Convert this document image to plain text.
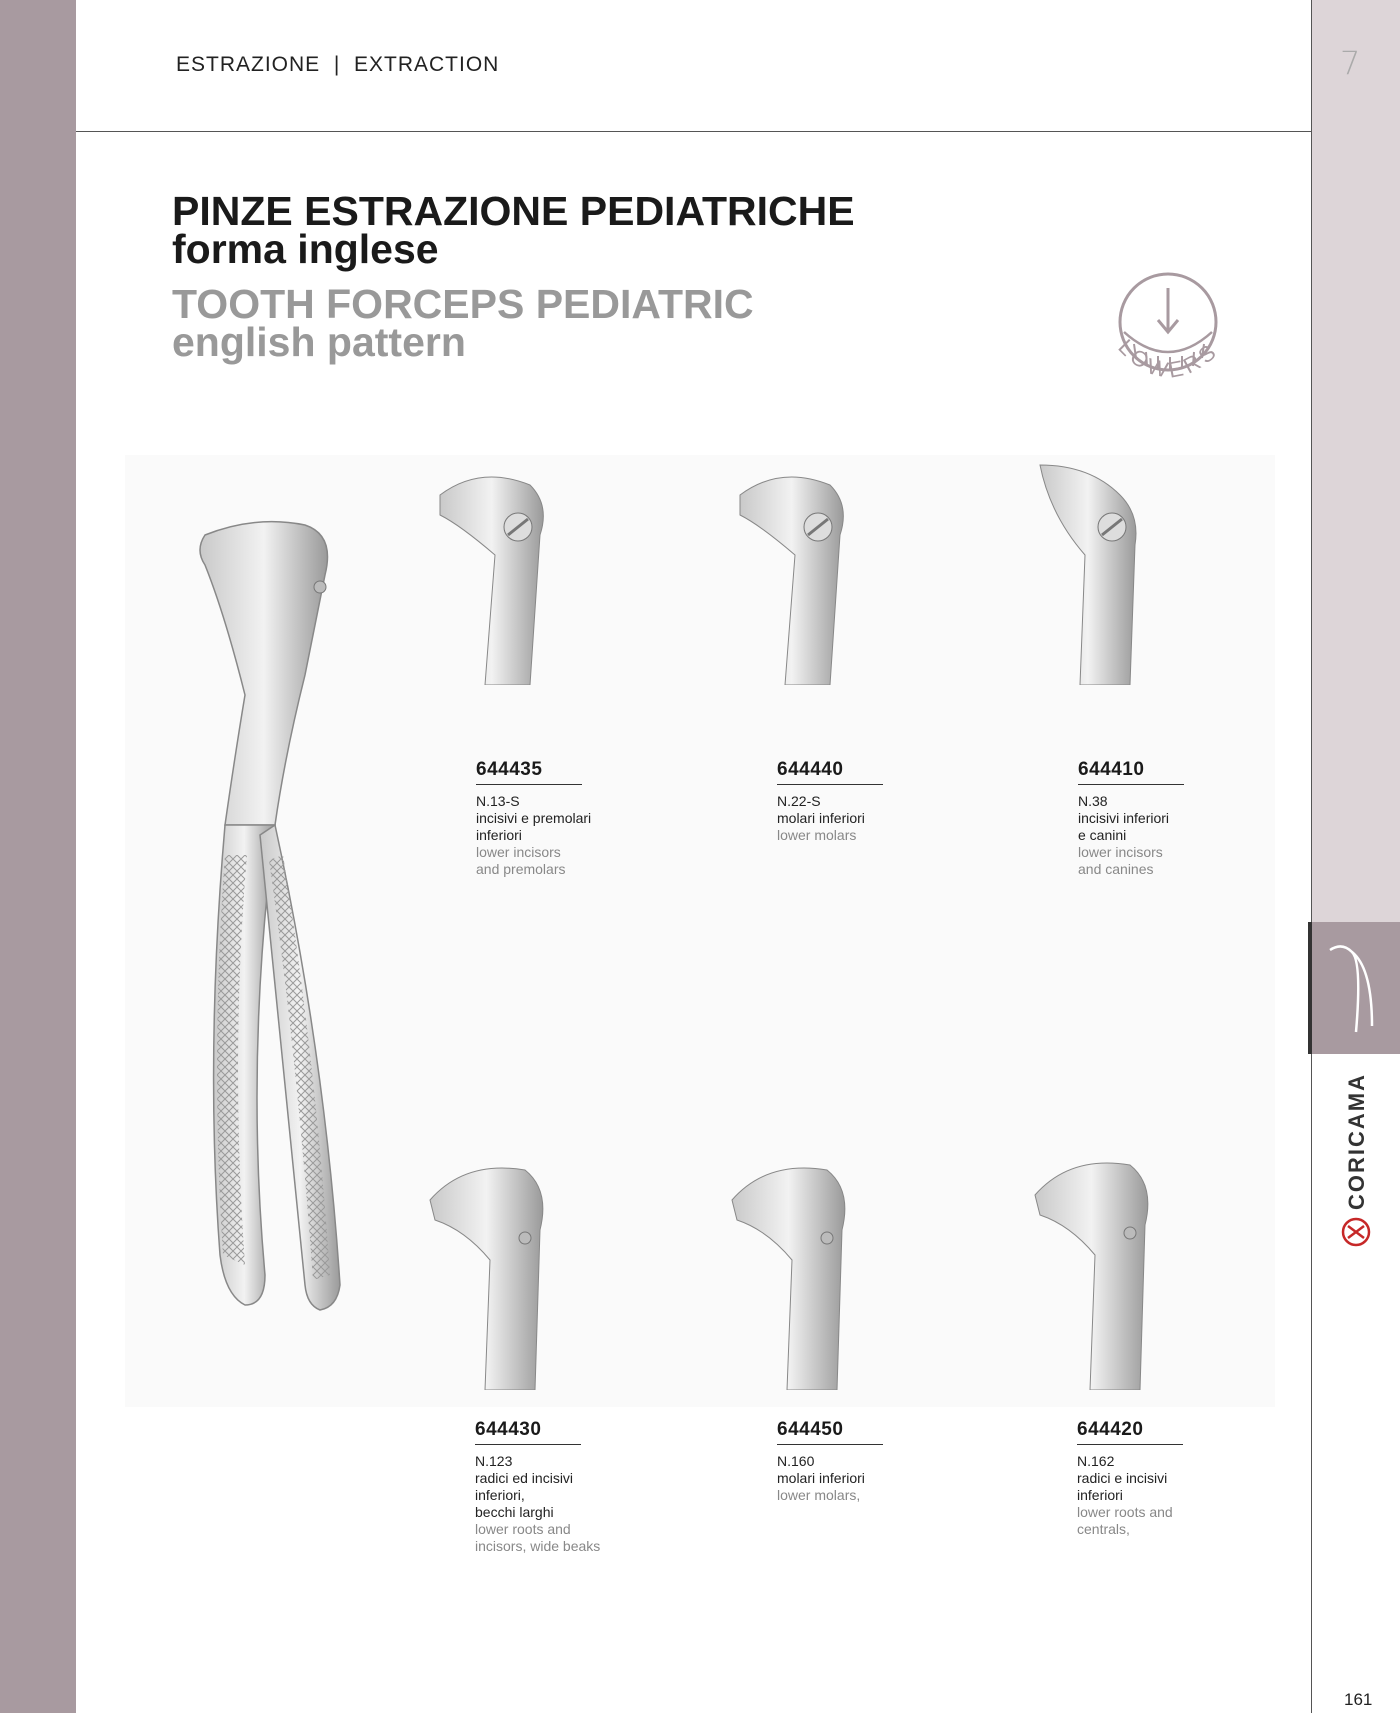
ESTRAZIONE  |  EXTRACTION	7
PINZE ESTRAZIONE PEDIATRICHE
forma inglese
TOOTH FORCEPS PEDIATRIC
english pattern	LOWERS
644435
N.13-S
incisivi e premolari
inferiori
lower incisors
and premolars
644440
N.22-S
molari inferiori
lower molars
644410
N.38
incisivi inferiori
e canini
lower incisors
and canines
644430
N.123
radici ed incisivi
inferiori,
becchi larghi
lower roots and
incisors, wide beaks
644450
N.160
molari inferiori
lower molars,
644420
N.162
radici e incisivi
inferiori
lower roots and
centrals,
CORICAMA
161
